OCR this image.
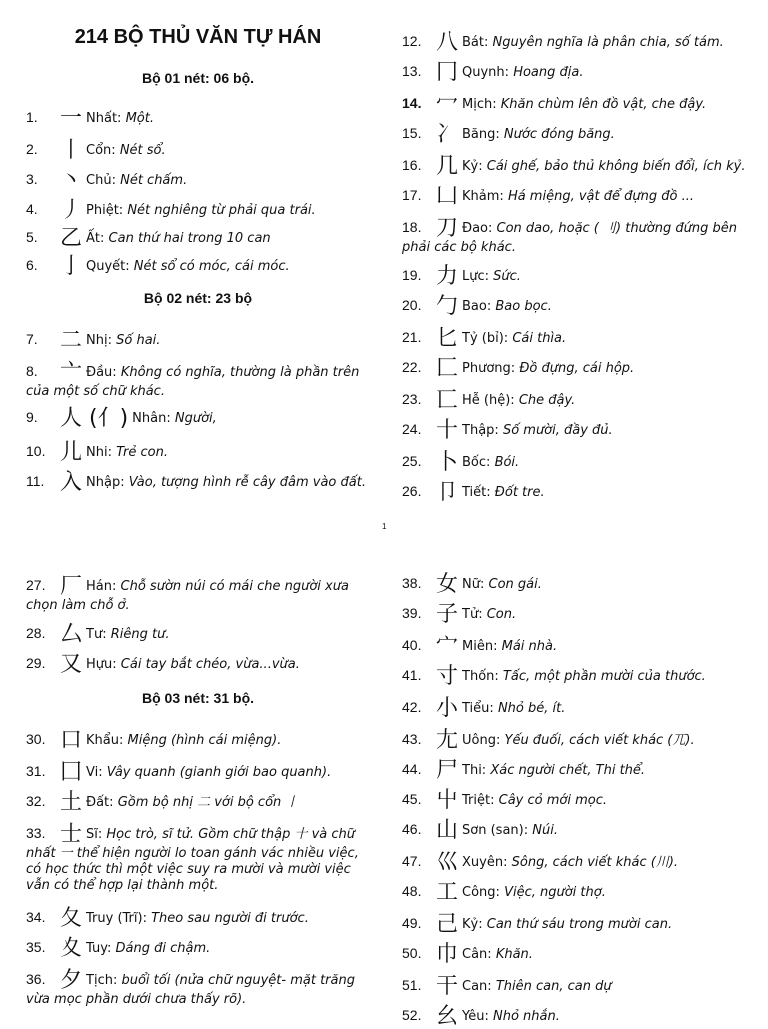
214 BỘ THỦ VĂN TỰ HÁN
Bộ 01 nét: 06 bộ.
Bộ 02 nét: 23 bộ
1. 一 Nhất: Một.
2. 丨 Cổn: Nét sổ.
3. 丶 Chủ: Nét chấm.
4. 丿 Phiệt: Nét nghiêng từ phải qua trái.
5. 乙 Ất: Can thứ hai trong 10 can
6. 亅 Quyết: Nét sổ có móc, cái móc.
7. 二 Nhị: Số hai.
8. 亠 Đầu: Không có nghĩa, thường là phần trên của một số chữ khác.
9. 人 (亻) Nhân: Người,
10. 儿 Nhi: Trẻ con.
11. 入 Nhập: Vào, tượng hình rễ cây đâm vào đất.
12. 八 Bát: Nguyên nghĩa là phân chia, số tám.
13. 冂 Quynh: Hoang địa.
14. 冖 Mịch: Khăn chùm lên đồ vật, che đậy.
15. 冫 Băng: Nước đóng băng.
16. 几 Kỷ: Cái ghế, bảo thủ không biến đổi, ích kỷ.
17. 凵 Khảm: Há miệng, vật để đựng đồ ...
18. 刀 Đao: Con dao, hoặc ( 刂) thường đứng bên phải các bộ khác.
19. 力 Lực: Sức.
20. 勹 Bao: Bao bọc.
21. 匕 Tỷ (bỉ): Cái thìa.
22. 匚 Phương: Đồ đựng, cái hộp.
23. 匸 Hễ (hệ): Che đậy.
24. 十 Thập: Số mười, đầy đủ.
25. 卜 Bốc: Bói.
26. 卩 Tiết: Đốt tre.
1
Bộ 03 nét: 31 bộ.
27. 厂 Hán: Chỗ sườn núi có mái che người xưa chọn làm chỗ ở.
28. 厶 Tư: Riêng tư.
29. 又 Hựu: Cái tay bắt chéo, vừa...vừa.
30. 口 Khẩu: Miệng (hình cái miệng).
31. 囗 Vi: Vây quanh (gianh giới bao quanh).
32. 土 Đất: Gồm bộ nhị 二 với bộ cổn 丨
33. 士 Sĩ: Học trò, sĩ tử. Gồm chữ thập 十 và chữ nhất 一 thể hiện người lo toan gánh vác nhiều việc, có học thức thì một việc suy ra mười và mười việc vẫn có thể hợp lại thành một.
34. 夂 Truy (Trĩ): Theo sau người đi trước.
35. 夊 Tuy: Dáng đi chậm.
36. 夕 Tịch: buổi tối (nửa chữ nguyệt- mặt trăng vừa mọc phần dưới chưa thấy rõ).
38. 女 Nữ: Con gái.
39. 子 Tử: Con.
40. 宀 Miên: Mái nhà.
41. 寸 Thốn: Tấc, một phần mười của thước.
42. 小 Tiểu: Nhỏ bé, ít.
43. 尢 Uông: Yếu đuối, cách viết khác (兀).
44. 尸 Thi: Xác người chết, Thi thể.
45. 屮 Triệt: Cây cỏ mới mọc.
46. 山 Sơn (san): Núi.
47. 巛 Xuyên: Sông, cách viết khác (川).
48. 工 Công: Việc, người thợ.
49. 己 Kỷ: Can thứ sáu trong mười can.
50. 巾 Cân: Khăn.
51. 干 Can: Thiên can, can dự
52. 幺 Yêu: Nhỏ nhắn.
